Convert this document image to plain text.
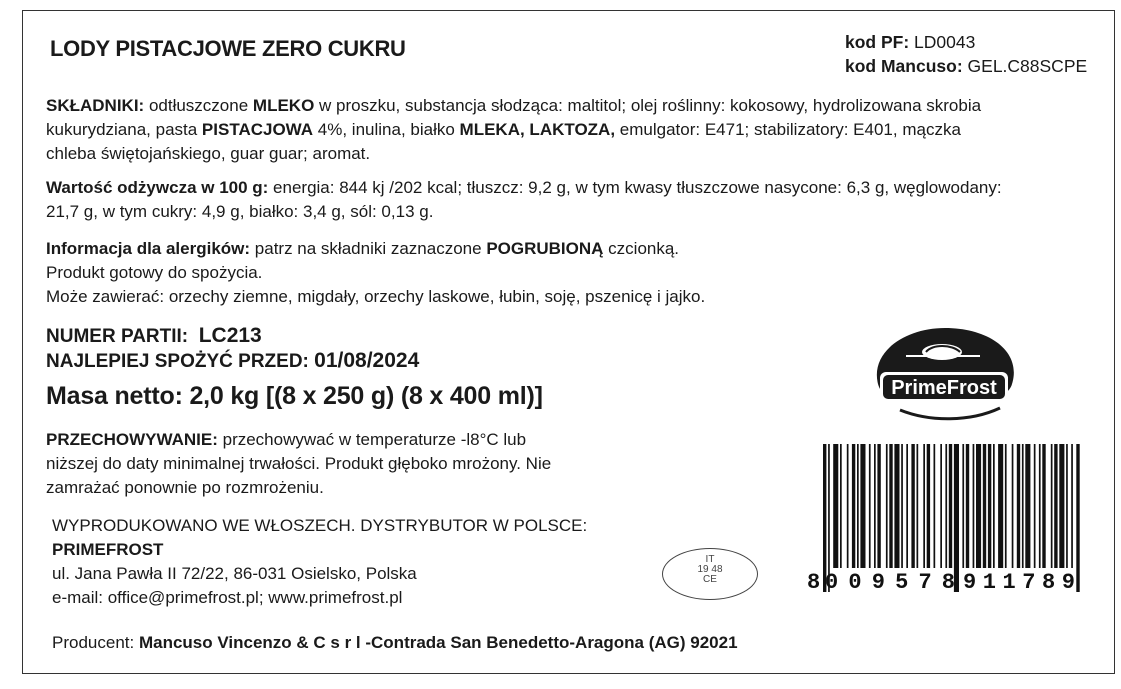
LODY PISTACJOWE ZERO CUKRU	kod PF: LD0043
kod Mancuso: GEL.C88SCPE
SKŁADNIKI: odtłuszczone MLEKO w proszku, substancja słodząca: maltitol; olej roślinny: kokosowy, hydrolizowana skrobia
kukurydziana, pasta PISTACJOWA 4%, inulina, białko MLEKA, LAKTOZA, emulgator: E471; stabilizatory: E401, mączka
chleba świętojańskiego, guar guar; aromat.
Wartość odżywcza w 100 g: energia: 844 kj /202 kcal; tłuszcz: 9,2 g, w tym kwasy tłuszczowe nasycone: 6,3 g, węglowodany:
21,7 g, w tym cukry: 4,9 g, białko: 3,4 g, sól: 0,13 g.
Informacja dla alergików: patrz na składniki zaznaczone POGRUBIONĄ czcionką.
Produkt gotowy do spożycia.
Może zawierać: orzechy ziemne, migdały, orzechy laskowe, łubin, soję, pszenicę i jajko.
NUMER PARTII: LC213
NAJLEPIEJ SPOŻYĆ PRZED: 01/08/2024
Masa netto: 2,0 kg [(8 x 250 g) (8 x 400 ml)]
PRZECHOWYWANIE: przechowywać w temperaturze -l8°C lub
niższej do daty minimalnej trwałości. Produkt głęboko mrożony. Nie
zamrażać ponownie po rozmrożeniu.
WYPRODUKOWANO WE WŁOSZECH. DYSTRYBUTOR W POLSCE:
PRIMEFROST
ul. Jana Pawła II 72/22, 86-031 Osielsko, Polska
e-mail: office@primefrost.pl; www.primefrost.pl
Producent: Mancuso Vincenzo & C s r l -Contrada San Benedetto-Aragona (AG) 92021
PrimeFrost
8 009578 911789
IT
19 48
CE
